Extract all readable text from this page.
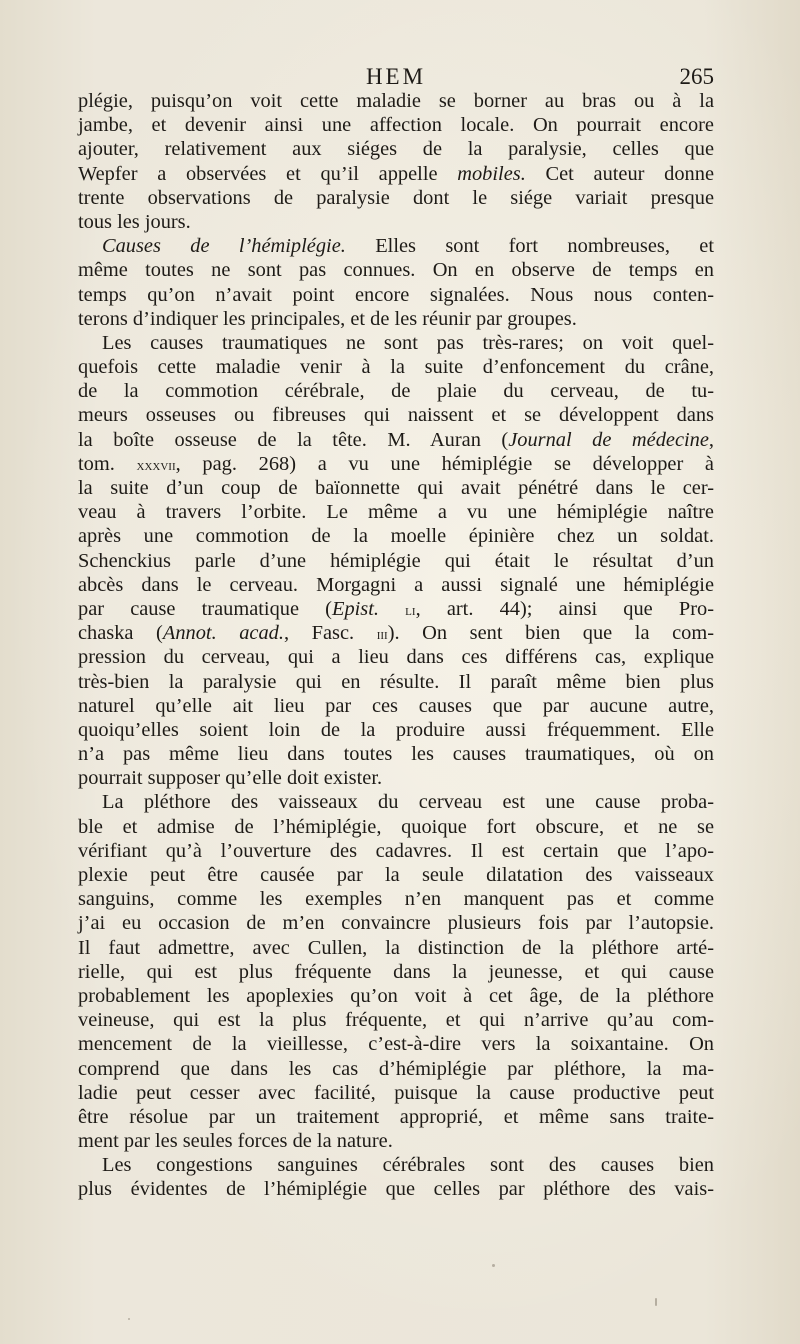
HEM	265
plégie, puisqu’on voit cette maladie se borner au bras ou à la
jambe, et devenir ainsi une affection locale. On pourrait encore
ajouter, relativement aux siéges de la paralysie, celles que
Wepfer a observées et qu’il appelle mobiles. Cet auteur donne
trente observations de paralysie dont le siége variait presque
tous les jours.
Causes de l’hémiplégie. Elles sont fort nombreuses, et
même toutes ne sont pas connues. On en observe de temps en
temps qu’on n’avait point encore signalées. Nous nous conten-
terons d’indiquer les principales, et de les réunir par groupes.
Les causes traumatiques ne sont pas très-rares; on voit quel-
quefois cette maladie venir à la suite d’enfoncement du crâne,
de la commotion cérébrale, de plaie du cerveau, de tu-
meurs osseuses ou fibreuses qui naissent et se développent dans
la boîte osseuse de la tête. M. Auran (Journal de médecine,
tom. xxxvii, pag. 268) a vu une hémiplégie se développer à
la suite d’un coup de baïonnette qui avait pénétré dans le cer-
veau à travers l’orbite. Le même a vu une hémiplégie naître
après une commotion de la moelle épinière chez un soldat.
Schenckius parle d’une hémiplégie qui était le résultat d’un
abcès dans le cerveau. Morgagni a aussi signalé une hémiplégie
par cause traumatique (Epist. li, art. 44); ainsi que Pro-
chaska (Annot. acad., Fasc. iii). On sent bien que la com-
pression du cerveau, qui a lieu dans ces différens cas, explique
très-bien la paralysie qui en résulte. Il paraît même bien plus
naturel qu’elle ait lieu par ces causes que par aucune autre,
quoiqu’elles soient loin de la produire aussi fréquemment. Elle
n’a pas même lieu dans toutes les causes traumatiques, où on
pourrait supposer qu’elle doit exister.
La pléthore des vaisseaux du cerveau est une cause proba-
ble et admise de l’hémiplégie, quoique fort obscure, et ne se
vérifiant qu’à l’ouverture des cadavres. Il est certain que l’apo-
plexie peut être causée par la seule dilatation des vaisseaux
sanguins, comme les exemples n’en manquent pas et comme
j’ai eu occasion de m’en convaincre plusieurs fois par l’autopsie.
Il faut admettre, avec Cullen, la distinction de la pléthore arté-
rielle, qui est plus fréquente dans la jeunesse, et qui cause
probablement les apoplexies qu’on voit à cet âge, de la pléthore
veineuse, qui est la plus fréquente, et qui n’arrive qu’au com-
mencement de la vieillesse, c’est-à-dire vers la soixantaine. On
comprend que dans les cas d’hémiplégie par pléthore, la ma-
ladie peut cesser avec facilité, puisque la cause productive peut
être résolue par un traitement approprié, et même sans traite-
ment par les seules forces de la nature.
Les congestions sanguines cérébrales sont des causes bien
plus évidentes de l’hémiplégie que celles par pléthore des vais-
